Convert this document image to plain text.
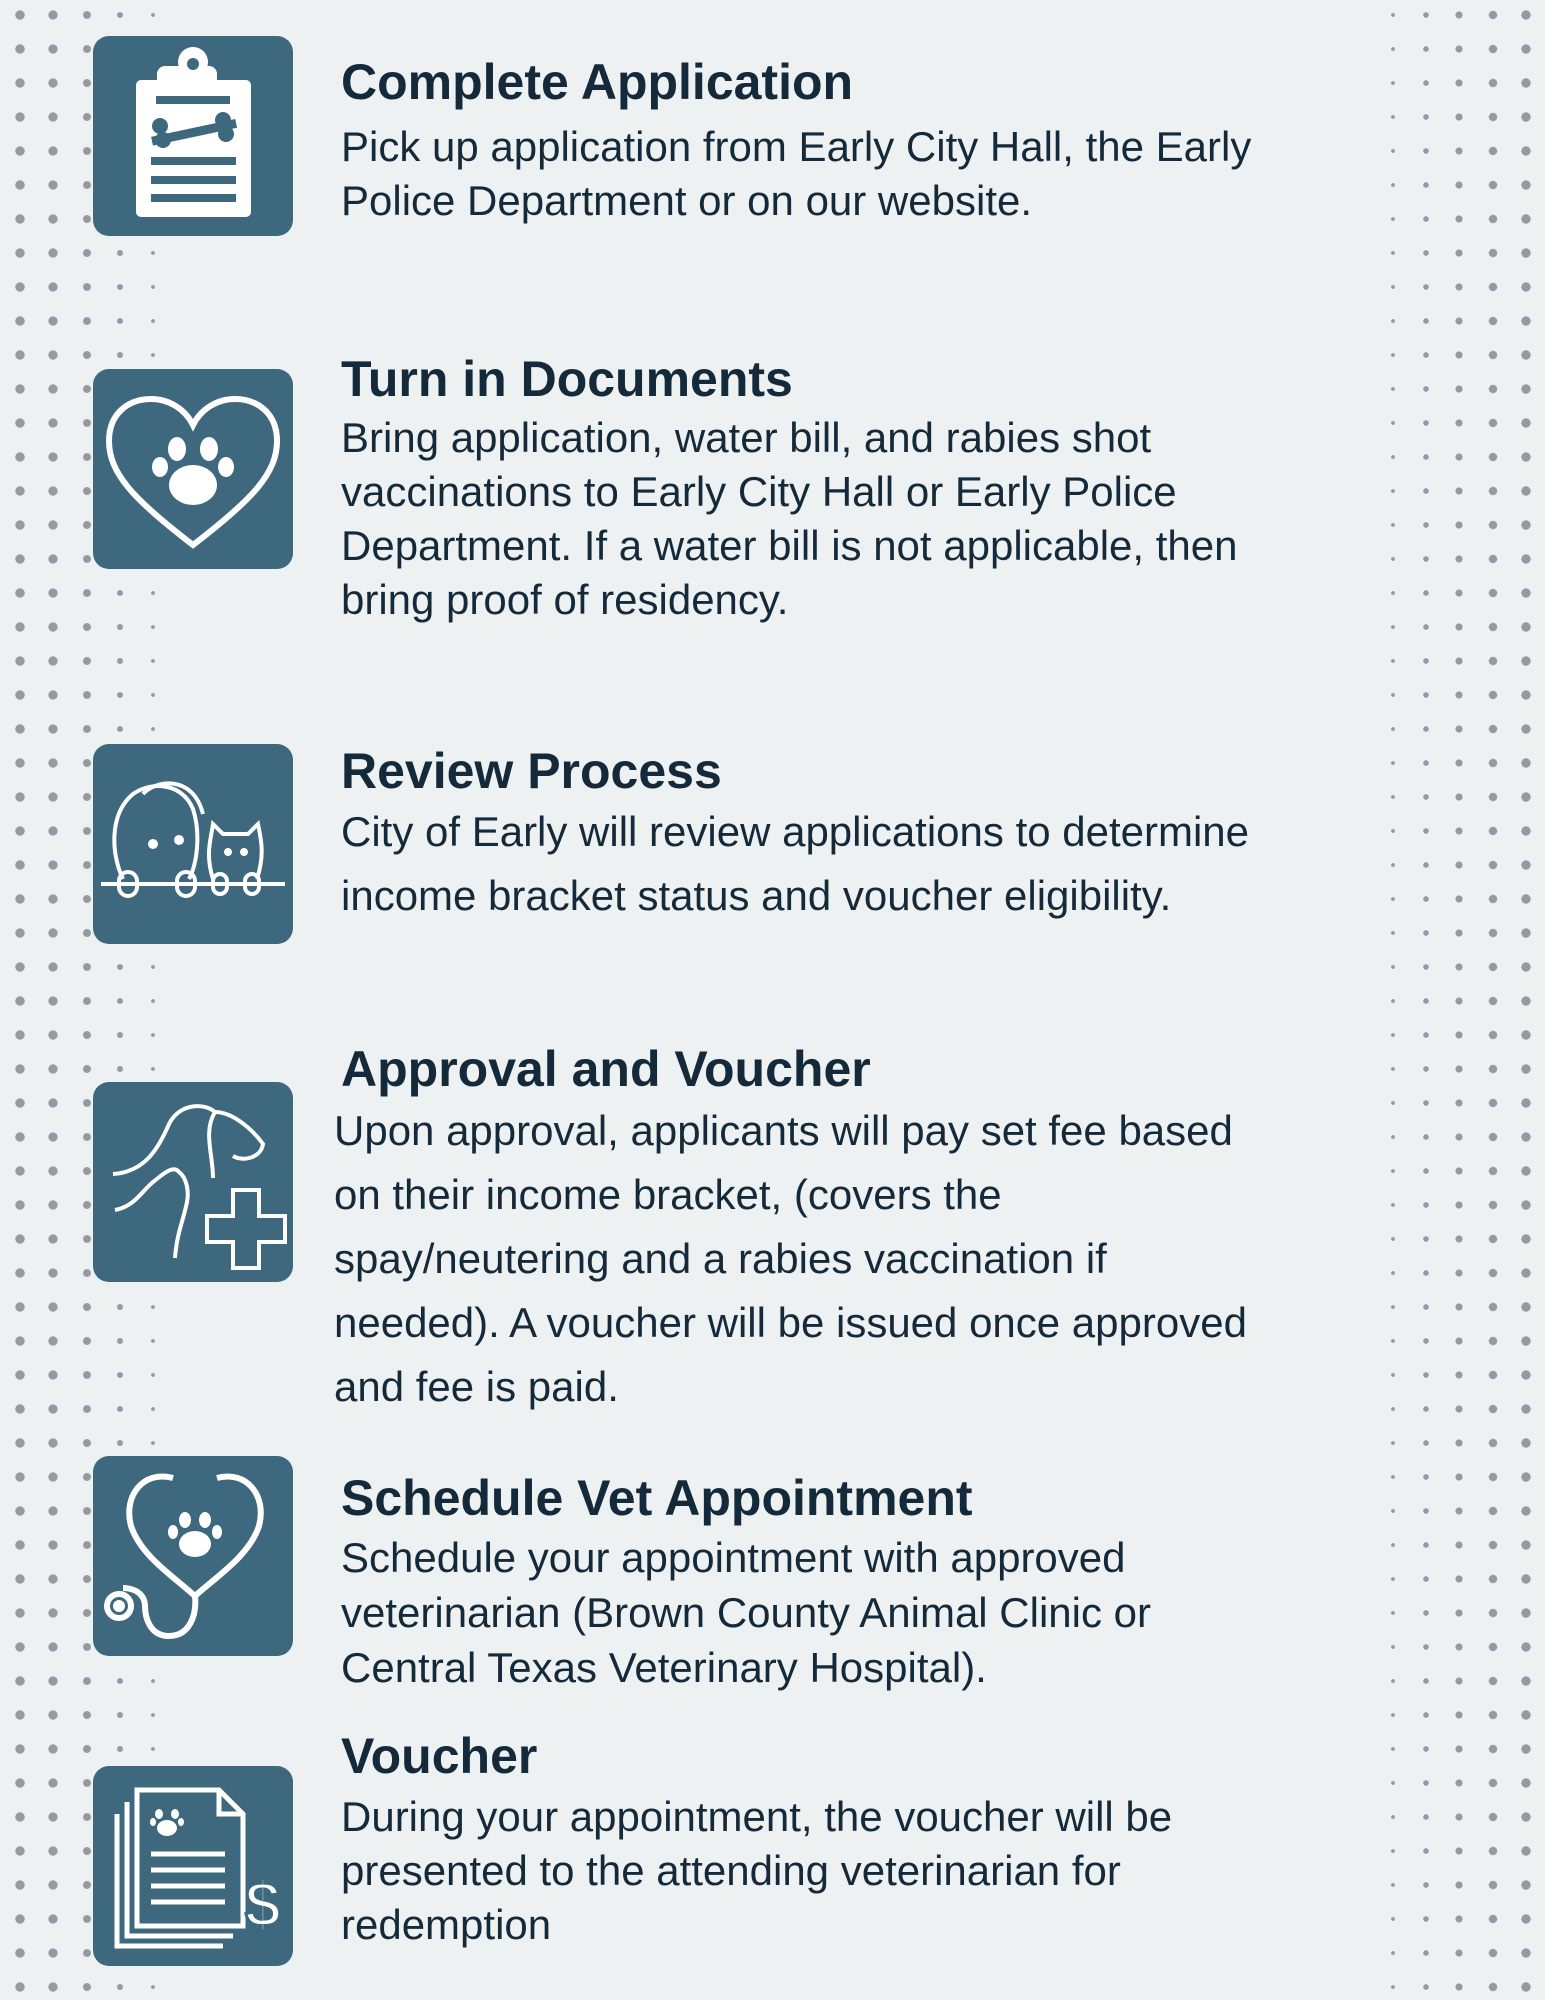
Complete Application
Pick up application from Early City Hall, the Early
Police Department or on our website.
Turn in Documents
Bring application, water bill, and rabies shot
vaccinations to Early City Hall or Early Police
Department. If a water bill is not applicable, then
bring proof of residency.
Review Process
City of Early will review applications to determine
income bracket status and voucher eligibility.
Approval and Voucher
Upon approval, applicants will pay set fee based
on their income bracket, (covers the
spay/neutering and a rabies vaccination if
needed). A voucher will be issued once approved
and fee is paid.
Schedule Vet Appointment
Schedule your appointment with approved
veterinarian (Brown County Animal Clinic or
Central Texas Veterinary Hospital).
$
Voucher
During your appointment, the voucher will be
presented to the attending veterinarian for
redemption
